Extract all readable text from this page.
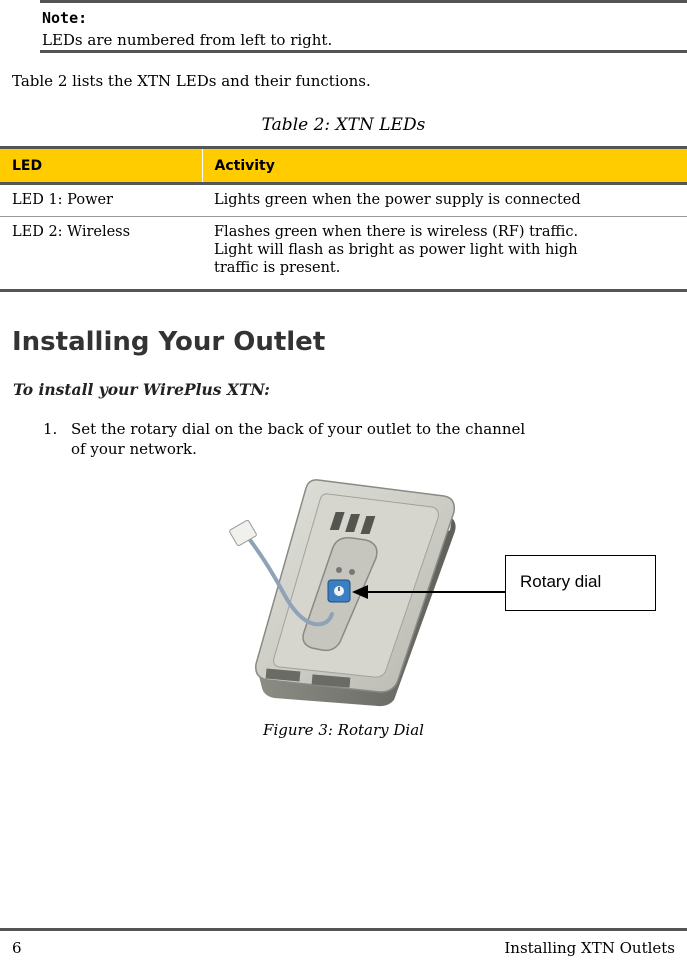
Note:
LEDs are numbered from left to right.
Table 2 lists the XTN LEDs and their functions.
Table 2: XTN LEDs
LED	Activity
LED 1: Power	Lights green when the power supply is connected

LED 2: Wireless	Flashes green when there is wireless (RF) traffic.
Light will flash as bright as power light with high
traffic is present.
Installing Your Outlet
To install your WirePlus XTN:
1. Set the rotary dial on the back of your outlet to the channel
of your network.
Rotary dial
Figure 3: Rotary Dial
6	Installing XTN Outlets
